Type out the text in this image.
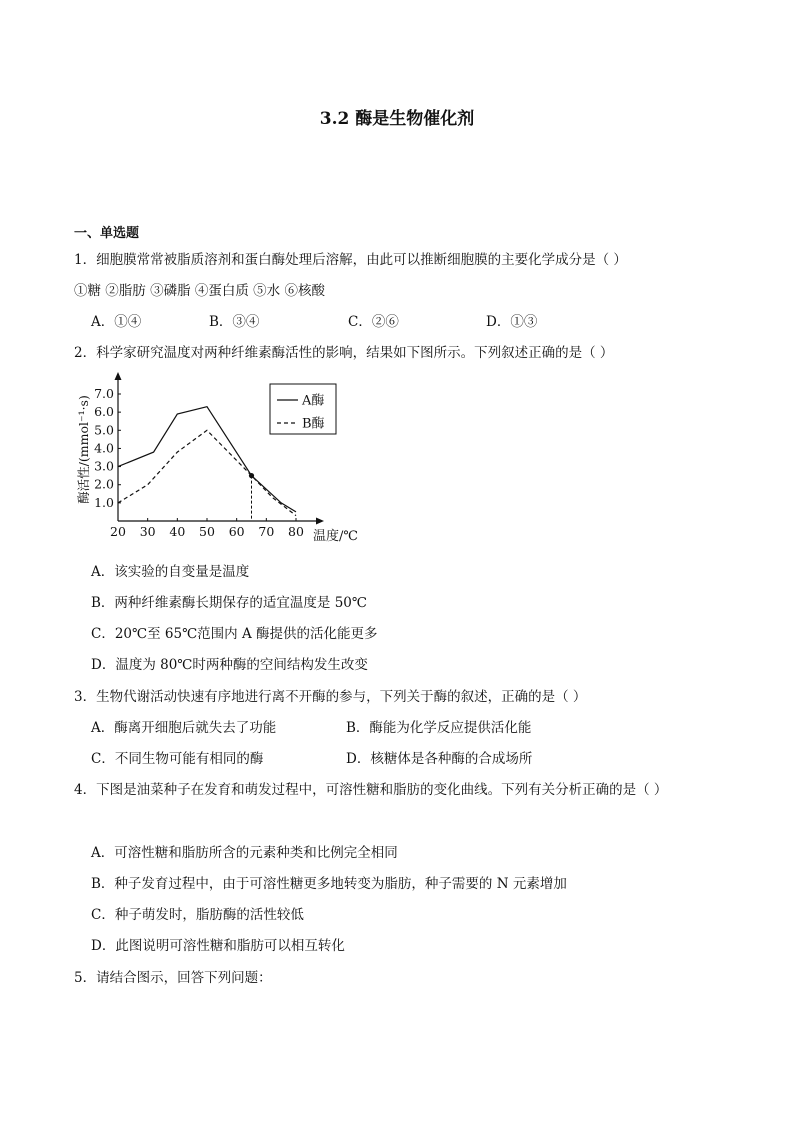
3.2 酶是生物催化剂
一、单选题
1．细胞膜常常被脂质溶剂和蛋白酶处理后溶解，由此可以推断细胞膜的主要化学成分是（ ）
①糖 ②脂肪 ③磷脂 ④蛋白质 ⑤水 ⑥核酸
A．①④	B．③④	C．②⑥	D．①③
2．科学家研究温度对两种纤维素酶活性的影响，结果如下图所示。下列叙述正确的是（ ）
1.0
2.0
3.0
4.0
5.0
6.0
7.0
20 30 40 50 60 70 80 温度/℃
酶活性/(mmol⁻¹·s)	A酶
B酶
A．该实验的自变量是温度
B．两种纤维素酶长期保存的适宜温度是 50℃
C．20℃至 65℃范围内 A 酶提供的活化能更多
D．温度为 80℃时两种酶的空间结构发生改变
3．生物代谢活动快速有序地进行离不开酶的参与，下列关于酶的叙述，正确的是（ ）
A．酶离开细胞后就失去了功能	B．酶能为化学反应提供活化能
C．不同生物可能有相同的酶	D．核糖体是各种酶的合成场所
4．下图是油菜种子在发育和萌发过程中，可溶性糖和脂肪的变化曲线。下列有关分析正确的是（ ）
A．可溶性糖和脂肪所含的元素种类和比例完全相同
B．种子发育过程中，由于可溶性糖更多地转变为脂肪，种子需要的 N 元素增加
C．种子萌发时，脂肪酶的活性较低
D．此图说明可溶性糖和脂肪可以相互转化
5．请结合图示，回答下列问题：
